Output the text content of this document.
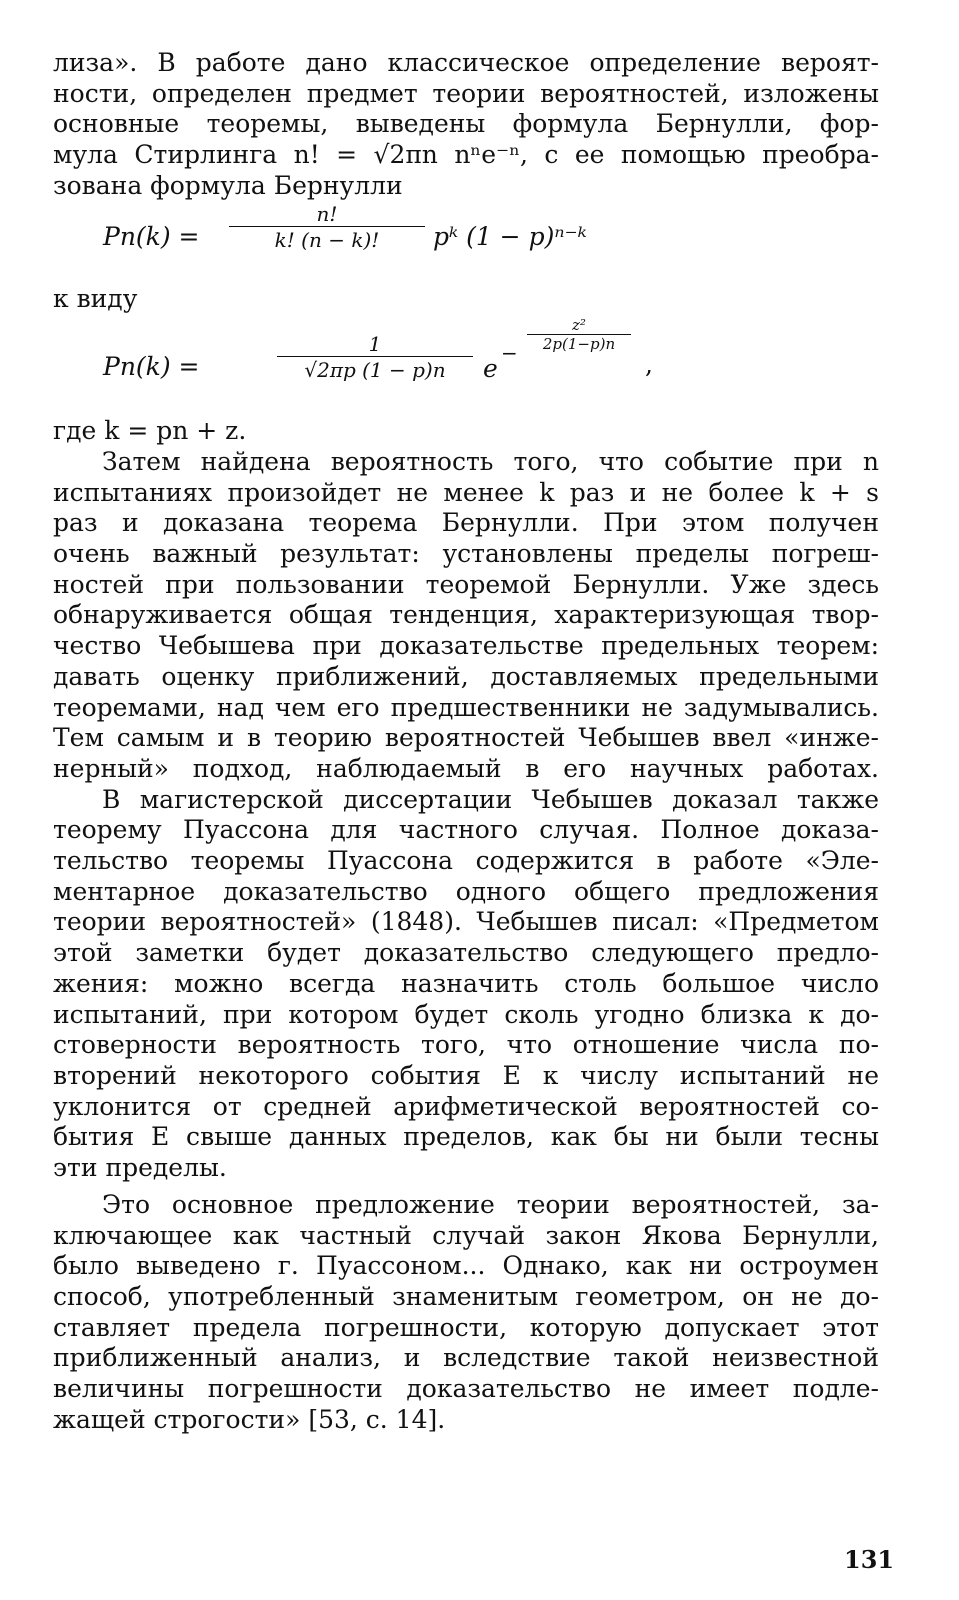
лиза». В работе дано классическое определение вероят-
ности, определен предмет теории вероятностей, изложены
основные теоремы, выведены формула Бернулли, фор-
мула Стирлинга n! = √2πn nⁿe⁻ⁿ, с ее помощью преобра-
зована формула Бернулли
Pn(k) =
n!
k! (n − k)!	pᵏ (1 − p)ⁿ⁻ᵏ
к виду
Pn(k) =
1
√2πp (1 − p)n	e
−
z²
2p(1−p)n
,
где k = pn + z.
Затем найдена вероятность того, что событие при n
испытаниях произойдет не менее k раз и не более k + s
раз и доказана теорема Бернулли. При этом получен
очень важный результат: установлены пределы погреш-
ностей при пользовании теоремой Бернулли. Уже здесь
обнаруживается общая тенденция, характеризующая твор-
чество Чебышева при доказательстве предельных теорем:
давать оценку приближений, доставляемых предельными
теоремами, над чем его предшественники не задумывались.
Тем самым и в теорию вероятностей Чебышев ввел «инже-
нерный» подход, наблюдаемый в его научных работах.
В магистерской диссертации Чебышев доказал также
теорему Пуассона для частного случая. Полное доказа-
тельство теоремы Пуассона содержится в работе «Эле-
ментарное доказательство одного общего предложения
теории вероятностей» (1848). Чебышев писал: «Предметом
этой заметки будет доказательство следующего предло-
жения: можно всегда назначить столь большое число
испытаний, при котором будет сколь угодно близка к до-
стоверности вероятность того, что отношение числа по-
вторений некоторого события E к числу испытаний не
уклонится от средней арифметической вероятностей со-
бытия E свыше данных пределов, как бы ни были тесны
эти пределы.
Это основное предложение теории вероятностей, за-
ключающее как частный случай закон Якова Бернулли,
было выведено г. Пуассоном... Однако, как ни остроумен
способ, употребленный знаменитым геометром, он не до-
ставляет предела погрешности, которую допускает этот
приближенный анализ, и вследствие такой неизвестной
величины погрешности доказательство не имеет подле-
жащей строгости» [53, с. 14].
131
